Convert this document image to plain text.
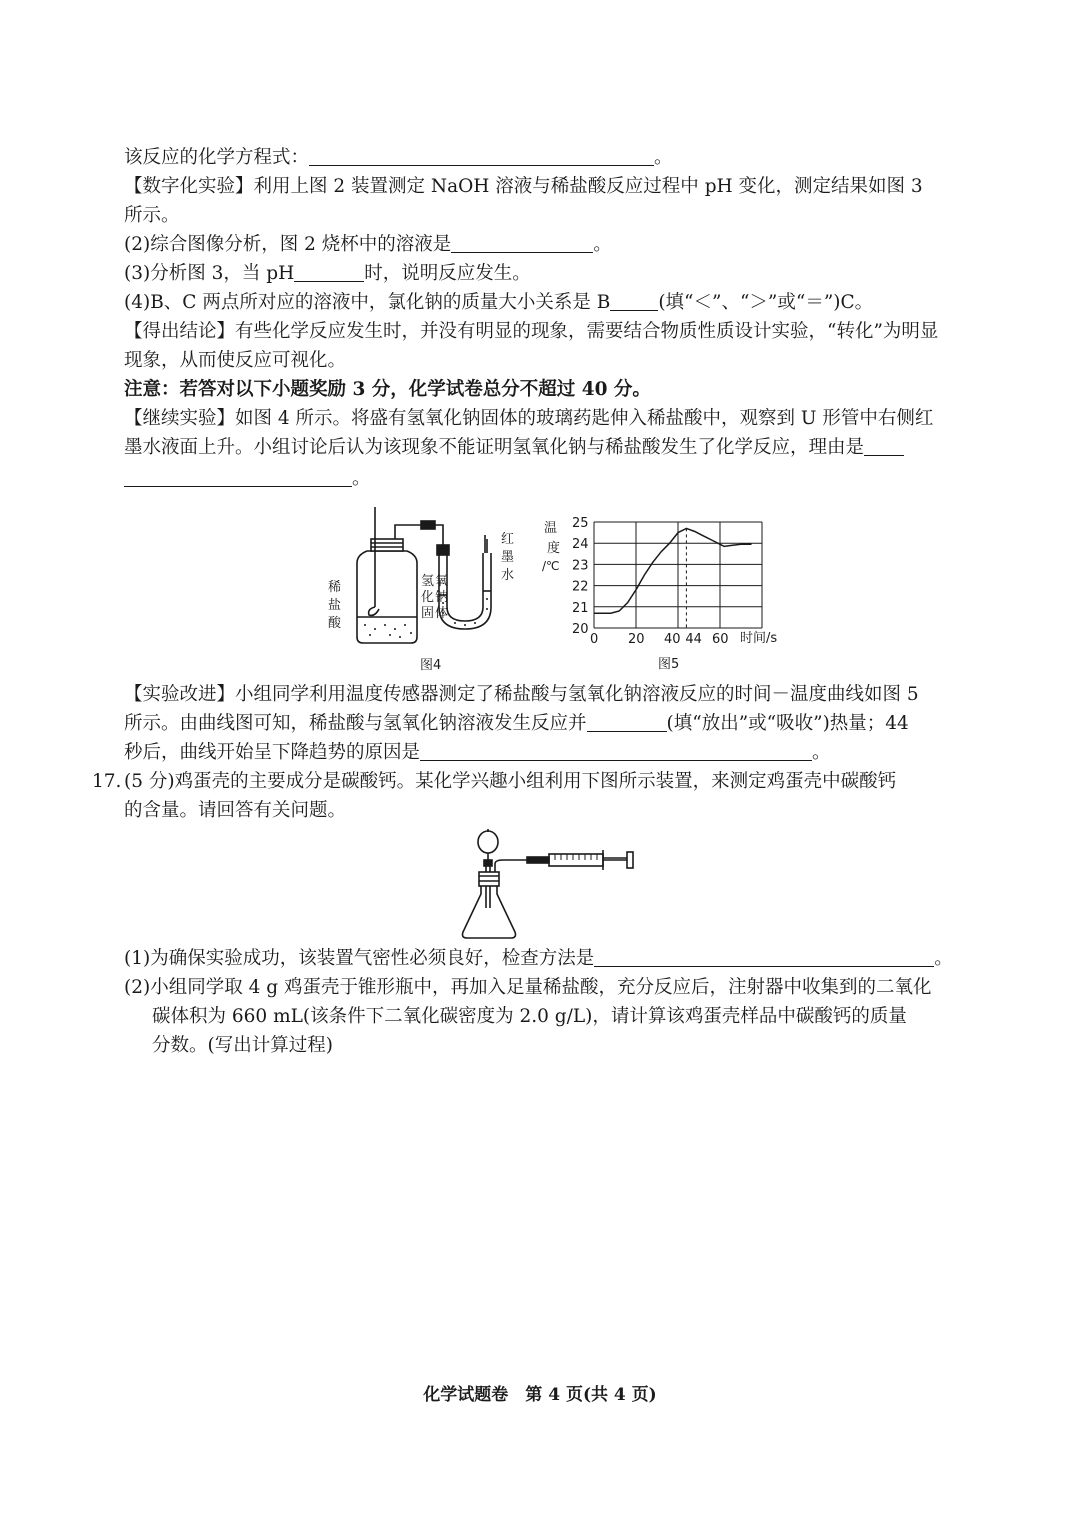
该反应的化学方程式：	。
【数字化实验】利用上图 2 装置测定 NaOH 溶液与稀盐酸反应过程中 pH 变化，测定结果如图 3
所示。
(2)综合图像分析，图 2 烧杯中的溶液是	。
(3)分析图 3，当 pH	时，说明反应发生。
(4)B、C 两点所对应的溶液中，氯化钠的质量大小关系是 B	(填“＜”、“＞”或“＝”)C。
【得出结论】有些化学反应发生时，并没有明显的现象，需要结合物质性质设计实验，“转化”为明显
现象，从而使反应可视化。
注意：若答对以下小题奖励 3 分，化学试卷总分不超过 40 分。
【继续实验】如图 4 所示。将盛有氢氧化钠固体的玻璃药匙伸入稀盐酸中，观察到 U 形管中右侧红
墨水液面上升。小组讨论后认为该现象不能证明氢氧化钠与稀盐酸发生了化学反应，理由是
。
稀
盐
酸
氢
化
固
氧
钠
体
红
墨
水
图4
20
21
22
23
24
25
0 20 40 44 60
温
度
/℃
时间/s
图5
【实验改进】小组同学利用温度传感器测定了稀盐酸与氢氧化钠溶液反应的时间－温度曲线如图 5
所示。由曲线图可知，稀盐酸与氢氧化钠溶液发生反应并	(填“放出”或“吸收”)热量；44
秒后，曲线开始呈下降趋势的原因是	。
17. (5 分)鸡蛋壳的主要成分是碳酸钙。某化学兴趣小组利用下图所示装置，来测定鸡蛋壳中碳酸钙
的含量。请回答有关问题。
(1)为确保实验成功，该装置气密性必须良好，检查方法是	。
(2)小组同学取 4 g 鸡蛋壳于锥形瓶中，再加入足量稀盐酸，充分反应后，注射器中收集到的二氧化
碳体积为 660 mL(该条件下二氧化碳密度为 2.0 g/L)，请计算该鸡蛋壳样品中碳酸钙的质量
分数。(写出计算过程)
化学试题卷　第 4 页(共 4 页)
